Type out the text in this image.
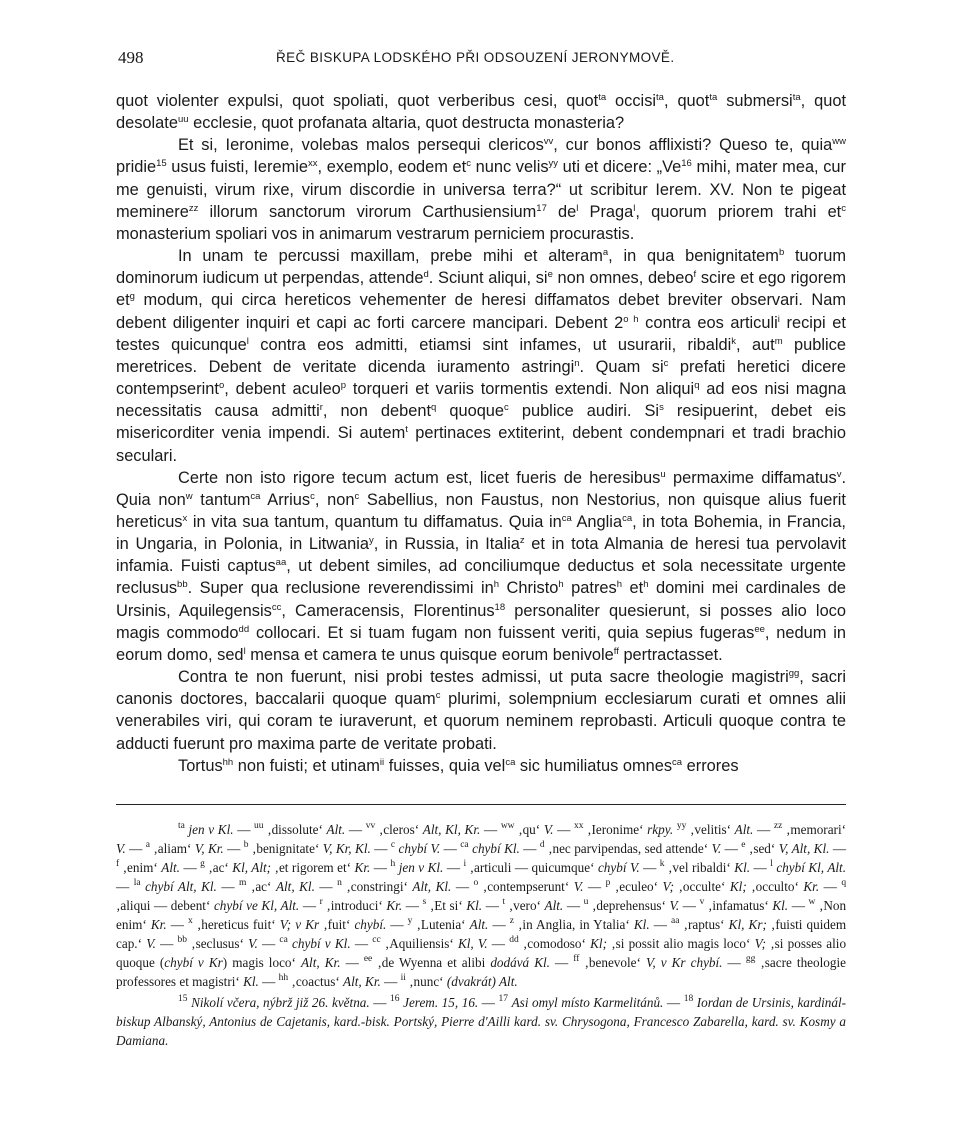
498	ŘEČ BISKUPA LODSKÉHO PŘI ODSOUZENÍ JERONYMOVĚ.

quot violenter expulsi, quot spoliati, quot verberibus cesi, quot$^{ta}$ occisi$^{ta}$, quot$^{ta}$ submersi$^{ta}$, quot desolate$^{uu}$ ecclesie, quot profanata altaria, quot destructa monasteria?

Et si, Ieronime, volebas malos persequi clericos$^{vv}$, cur bonos afflixisti? Queso te, quia$^{ww}$ pridie$^{15}$ usus fuisti, Ieremie$^{xx}$, exemplo, eodem $et^c$ nunc velis$^{yy}$ uti et dicere: „Ve$^{16}$ mihi, mater mea, cur me genuisti, virum rixe, virum discordie in universa terra?“ ut scribitur Ierem. XV. Non te pigeat meminere$^{zz}$ illorum sanctorum virorum Carthusiensium$^{17}$ $de^l$ Praga$^l$, quorum priorem trahi $et^c$ monasterium spoliari vos in animarum vestrarum perniciem procurastis.

In unam te percussi maxillam, prebe mihi et alteram$^a$, in qua benignitatem$^b$ tuorum dominorum iudicum ut perpendas, attende$^d$. Sciunt aliqui, $si^e$ non omnes, debeo$^f$ scire et ego rigorem $et^g$ modum, qui circa hereticos vehementer de heresi diffamatos debet breviter observari. Nam debent diligenter inquiri et capi ac forti carcere mancipari. Debent $2^{o h}$ contra eos articuli$^i$ recipi et testes quicunque$^l$ contra eos admitti, etiamsi sint infames, ut usurarii, ribaldi$^k$, aut$^m$ publice meretrices. Debent de veritate dicenda iuramento astringi$^n$. Quam $si^c$ prefati heretici dicere contempserint$^o$, debent aculeo$^p$ torqueri et variis tormentis extendi. Non aliqui$^q$ ad eos nisi magna necessitatis causa admitti$^r$, non debent$^q$ quoque$^c$ publice audiri. Si$^s$ resipuerint, debet eis misericorditer venia impendi. Si autem$^t$ pertinaces extiterint, debent condempnari et tradi brachio seculari.

Certe non isto rigore tecum actum est, licet fueris de heresibus$^u$ permaxime diffamatus$^v$. Quia non$^w$ tantum$^{ca}$ Arrius$^c$, non$^c$ Sabellius, non Faustus, non Nestorius, non quisque alius fuerit hereticus$^x$ in vita sua tantum, quantum tu diffamatus. Quia $in^{ca}$ Anglia$^{ca}$, in tota Bohemia, in Francia, in Ungaria, in Polonia, in Litwania$^y$, in Russia, in Italia$^z$ et in tota Almania de heresi tua pervolavit infamia. Fuisti captus$^{aa}$, ut debent similes, ad conciliumque deductus et sola necessitate urgente reclusus$^{bb}$. Super qua reclusione reverendissimi $in^h$ Christo$^h$ patres$^h$ $et^h$ domini mei cardinales de Ursinis, Aquilegensis$^{cc}$, Cameracensis, Florentinus$^{18}$ personaliter quesierunt, si posses alio loco magis commodo$^{dd}$ collocari. Et si tuam fugam non fuissent veriti, quia sepius fugeras$^{ee}$, nedum in eorum domo, sed$^l$ mensa et camera te unus quisque eorum benivole$^{ff}$ pertractasset.

Contra te non fuerunt, nisi probi testes admissi, ut puta sacre theologie magistri$^{gg}$, sacri canonis doctores, baccalarii quoque quam$^c$ plurimi, solempnium ecclesiarum curati et omnes alii venerabiles viri, qui coram te iuraverunt, et quorum neminem reprobasti. Articuli quoque contra te adducti fuerunt pro maxima parte de veritate probati.

Tortus$^{hh}$ non fuisti; et utinam$^{ii}$ fuisses, quia vel$^{ca}$ sic humiliatus omnes$^{ca}$ errores

$^{ta}$ jen v Kl. — $^{uu}$ ‚dissolute‘ Alt. — $^{vv}$ ‚cleros‘ Alt, Kl, Kr. — $^{ww}$ ‚qu‘ V. — $^{xx}$ ‚Ieronime‘ rkpy. $^{yy}$ ‚velitis‘ Alt. — $^{zz}$ ‚memorari‘ V. — $^a$ ‚aliam‘ V, Kr. — $^b$ ‚benignitate‘ V, Kr, Kl. — $^c$ chybí V. — $^{ca}$ chybí Kl. — $^d$ ‚nec parvipendas, sed attende‘ V. — $^e$ ‚sed‘ V, Alt, Kl. — $^f$ ‚enim‘ Alt. — $^g$ ‚ac‘ Kl, Alt; ‚et rigorem et‘ Kr. — $^h$ jen v Kl. — $^i$ ‚articuli — quicumque‘ chybí V. — $^k$ ‚vel ribaldi‘ Kl. — $^l$ chybí Kl, Alt. — $^{la}$ chybí Alt, Kl. — $^m$ ‚ac‘ Alt, Kl. — $^n$ ‚constringi‘ Alt, Kl. — $^o$ ‚contempserunt‘ V. — $^p$ ‚eculeo‘ V; ‚occulte‘ Kl; ‚occulto‘ Kr. — $^q$ ‚aliqui — debent‘ chybí ve Kl, Alt. — $^r$ ‚introduci‘ Kr. — $^s$ ‚Et si‘ Kl. — $^t$ ‚vero‘ Alt. — $^u$ ‚deprehensus‘ V. — $^v$ ‚infamatus‘ Kl. — $^w$ ‚Non enim‘ Kr. — $^x$ ‚hereticus fuit‘ V; v Kr ‚fuit‘ chybí. — $^y$ ‚Lutenia‘ Alt. — $^z$ ‚in Anglia, in Ytalia‘ Kl. — $^{aa}$ ‚raptus‘ Kl, Kr; ‚fuisti quidem cap.‘ V. — $^{bb}$ ‚seclusus‘ V. — $^{ca}$ chybí v Kl. — $^{cc}$ ‚Aquiliensis‘ Kl, V. — $^{dd}$ ‚comodoso‘ Kl; ‚si possit alio magis loco‘ V; ‚si posses alio quoque (chybí v Kr) magis loco‘ Alt, Kr. — $^{ee}$ ‚de Wyenna et alibi dodává Kl. — $^{ff}$ ‚benevole‘ V, v Kr chybí. — $^{gg}$ ‚sacre theologie professores et magistri‘ Kl. — $^{hh}$ ‚coactus‘ Alt, Kr. — $^{ii}$ ‚nunc‘ (dvakrát) Alt.

$^{15}$ Nikolí včera, nýbrž již 26. května. — $^{16}$ Jerem. 15, 16. — $^{17}$ Asi omyl místo Karmelitánů. — $^{18}$ Iordan de Ursinis, kardinál-biskup Albanský, Antonius de Cajetanis, kard.-bisk. Portský, Pierre d'Ailli kard. sv. Chrysogona, Francesco Zabarella, kard. sv. Kosmy a Damiana.
